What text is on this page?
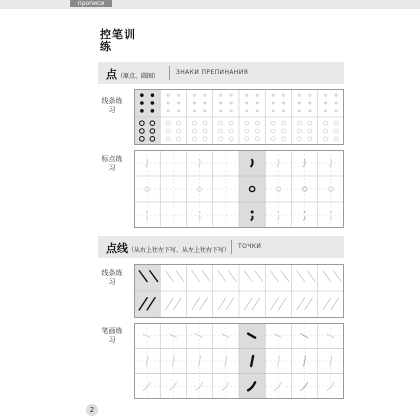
прописи
控笔训练
点（原点、圆圈）
ЗНАКИ ПРЕПИНАНИЯ
线条练习
标点练习
点线（从右上往左下写、从左上往右下写）
ТОЧКИ
线条练习
笔画练习
2
